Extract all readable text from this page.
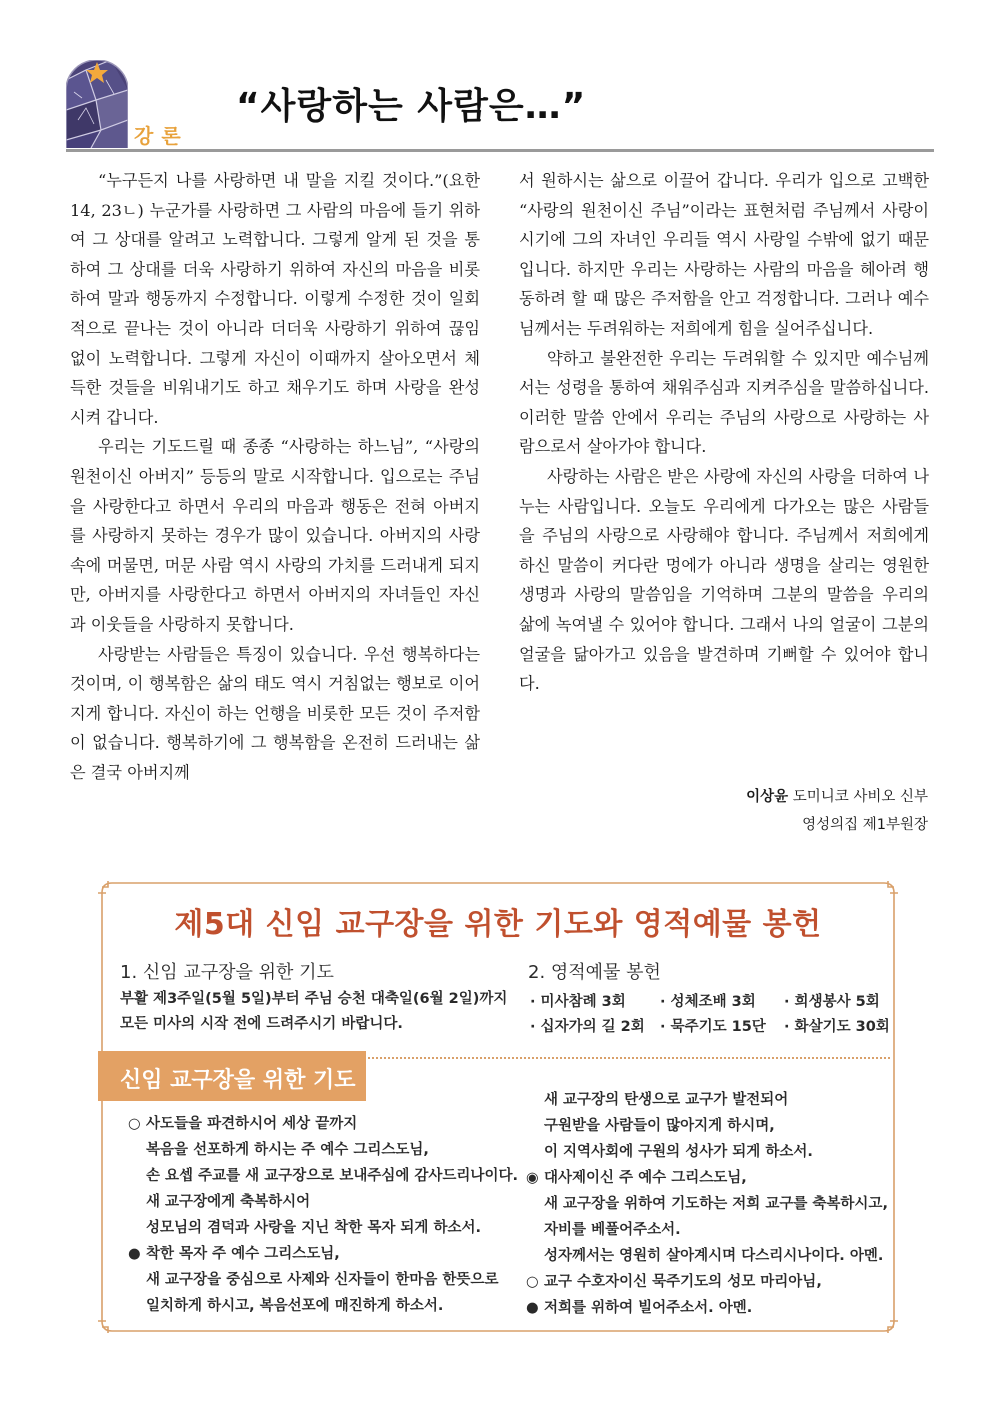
강론
“사랑하는 사람은…”

“누구든지 나를 사랑하면 내 말을 지킬 것이다.”(요한 14, 23ㄴ) 누군가를 사랑하면 그 사람의 마음에 들기 위하여 그 상대를 알려고 노력합니다. 그렇게 알게 된 것을 통하여 그 상대를 더욱 사랑하기 위하여 자신의 마음을 비롯하여 말과 행동까지 수정합니다. 이렇게 수정한 것이 일회적으로 끝나는 것이 아니라 더더욱 사랑하기 위하여 끊임없이 노력합니다. 그렇게 자신이 이때까지 살아오면서 체득한 것들을 비워내기도 하고 채우기도 하며 사랑을 완성시켜 갑니다.

우리는 기도드릴 때 종종 “사랑하는 하느님”, “사랑의 원천이신 아버지” 등등의 말로 시작합니다. 입으로는 주님을 사랑한다고 하면서 우리의 마음과 행동은 전혀 아버지를 사랑하지 못하는 경우가 많이 있습니다. 아버지의 사랑 속에 머물면, 머문 사람 역시 사랑의 가치를 드러내게 되지만, 아버지를 사랑한다고 하면서 아버지의 자녀들인 자신과 이웃들을 사랑하지 못합니다.

사랑받는 사람들은 특징이 있습니다. 우선 행복하다는 것이며, 이 행복함은 삶의 태도 역시 거침없는 행보로 이어지게 합니다. 자신이 하는 언행을 비롯한 모든 것이 주저함이 없습니다. 행복하기에 그 행복함을 온전히 드러내는 삶은 결국 아버지께

서 원하시는 삶으로 이끌어 갑니다. 우리가 입으로 고백한 “사랑의 원천이신 주님”이라는 표현처럼 주님께서 사랑이시기에 그의 자녀인 우리들 역시 사랑일 수밖에 없기 때문입니다. 하지만 우리는 사랑하는 사람의 마음을 헤아려 행동하려 할 때 많은 주저함을 안고 걱정합니다. 그러나 예수님께서는 두려워하는 저희에게 힘을 실어주십니다.

약하고 불완전한 우리는 두려워할 수 있지만 예수님께서는 성령을 통하여 채워주심과 지켜주심을 말씀하십니다. 이러한 말씀 안에서 우리는 주님의 사랑으로 사랑하는 사람으로서 살아가야 합니다.

사랑하는 사람은 받은 사랑에 자신의 사랑을 더하여 나누는 사람입니다. 오늘도 우리에게 다가오는 많은 사람들을 주님의 사랑으로 사랑해야 합니다. 주님께서 저희에게 하신 말씀이 커다란 멍에가 아니라 생명을 살리는 영원한 생명과 사랑의 말씀임을 기억하며 그분의 말씀을 우리의 삶에 녹여낼 수 있어야 합니다. 그래서 나의 얼굴이 그분의 얼굴을 닮아가고 있음을 발견하며 기뻐할 수 있어야 합니다.

이상윤 도미니코 사비오 신부
영성의집 제1부원장
제5대 신임 교구장을 위한 기도와 영적예물 봉헌
1. 신임 교구장을 위한 기도
부활 제3주일(5월 5일)부터 주님 승천 대축일(6월 2일)까지
모든 미사의 시작 전에 드려주시기 바랍니다.
2. 영적예물 봉헌
· 미사참례 3회 · 성체조배 3회 · 희생봉사 5회
· 십자가의 길 2회 · 묵주기도 15단 · 화살기도 30회
신임 교구장을 위한 기도
○ 사도들을 파견하시어 세상 끝까지
복음을 선포하게 하시는 주 예수 그리스도님,
손 요셉 주교를 새 교구장으로 보내주심에 감사드리나이다.
새 교구장에게 축복하시어
성모님의 겸덕과 사랑을 지닌 착한 목자 되게 하소서.
● 착한 목자 주 예수 그리스도님,
새 교구장을 중심으로 사제와 신자들이 한마음 한뜻으로
일치하게 하시고, 복음선포에 매진하게 하소서.
새 교구장의 탄생으로 교구가 발전되어
구원받을 사람들이 많아지게 하시며,
이 지역사회에 구원의 성사가 되게 하소서.
◉ 대사제이신 주 예수 그리스도님,
새 교구장을 위하여 기도하는 저희 교구를 축복하시고,
자비를 베풀어주소서.
성자께서는 영원히 살아계시며 다스리시나이다. 아멘.
○ 교구 수호자이신 묵주기도의 성모 마리아님,
● 저희를 위하여 빌어주소서. 아멘.
